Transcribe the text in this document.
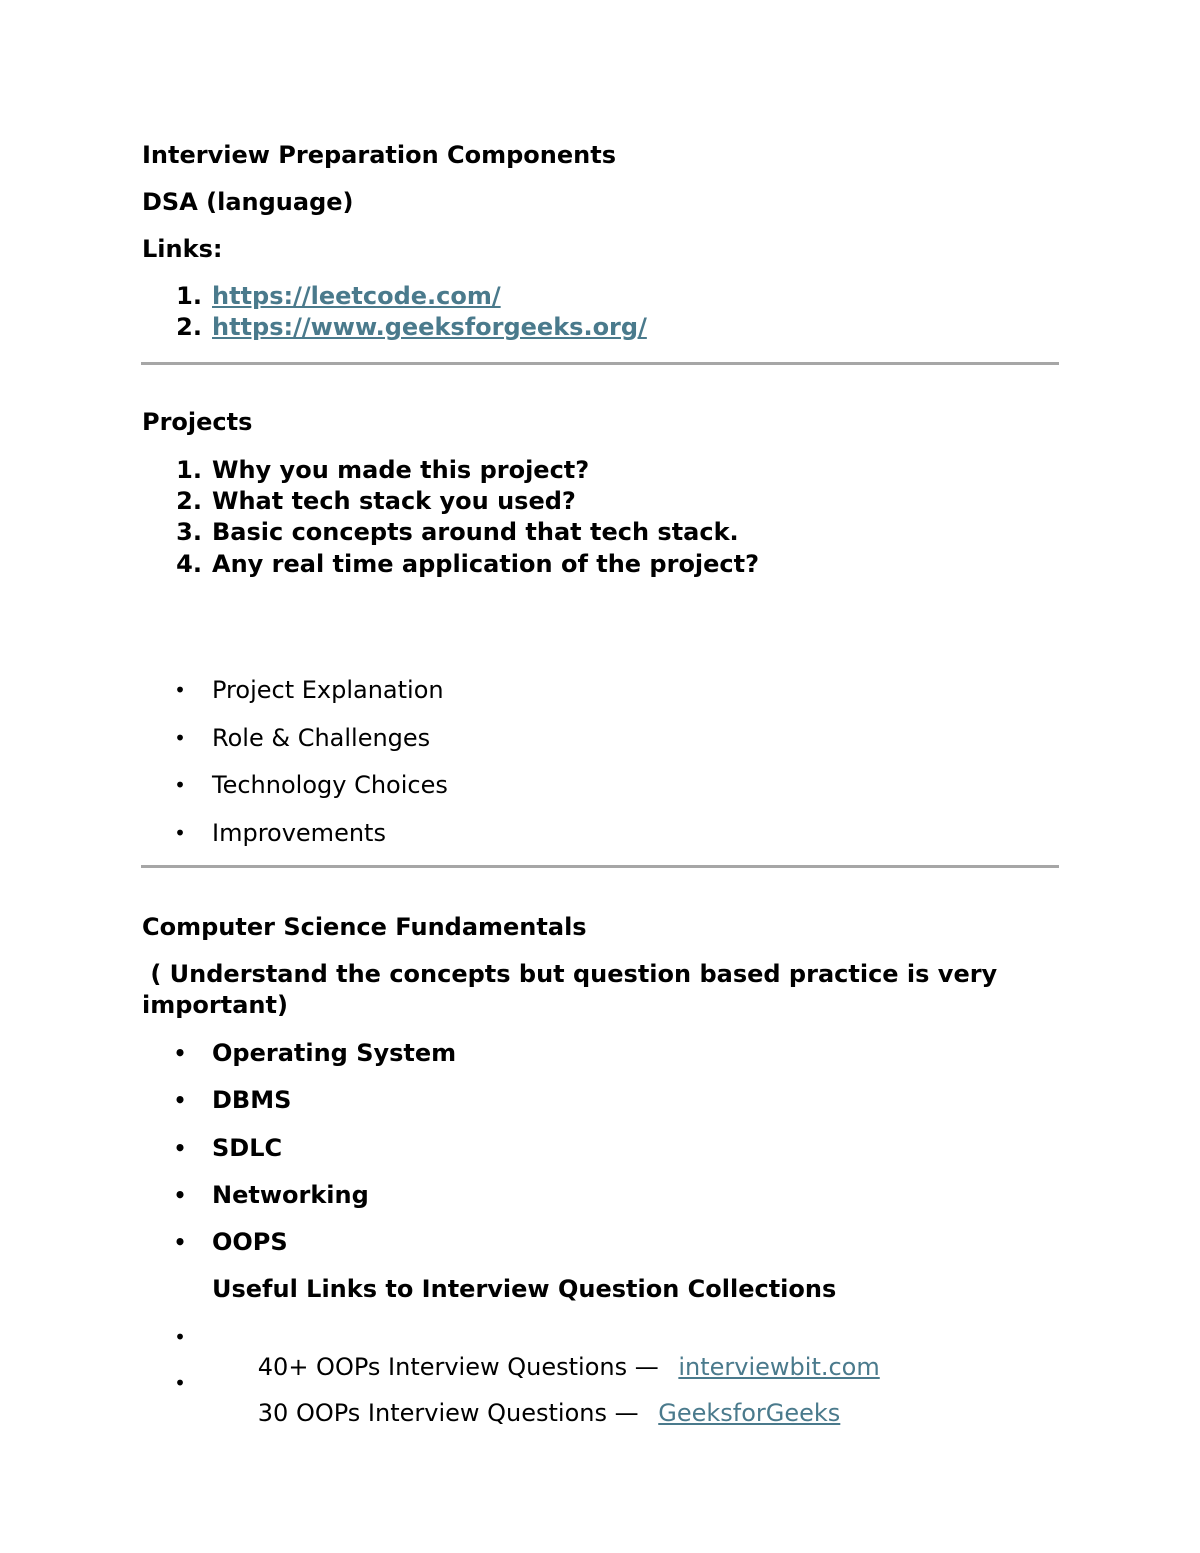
Interview Preparation Components
DSA (language)
Links:
1. https://leetcode.com/
2. https://www.geeksforgeeks.org/
Projects
1. Why you made this project?
2. What tech stack you used?
3. Basic concepts around that tech stack.
4. Any real time application of the project?
• Project Explanation
• Role & Challenges
• Technology Choices
• Improvements
Computer Science Fundamentals
( Understand the concepts but question based practice is very
important)
• Operating System
• DBMS
• SDLC
• Networking
• OOPS
Useful Links to Interview Question Collections
•

40+ OOPs Interview Questions — interviewbit.com

•

30 OOPs Interview Questions — GeeksforGeeks
